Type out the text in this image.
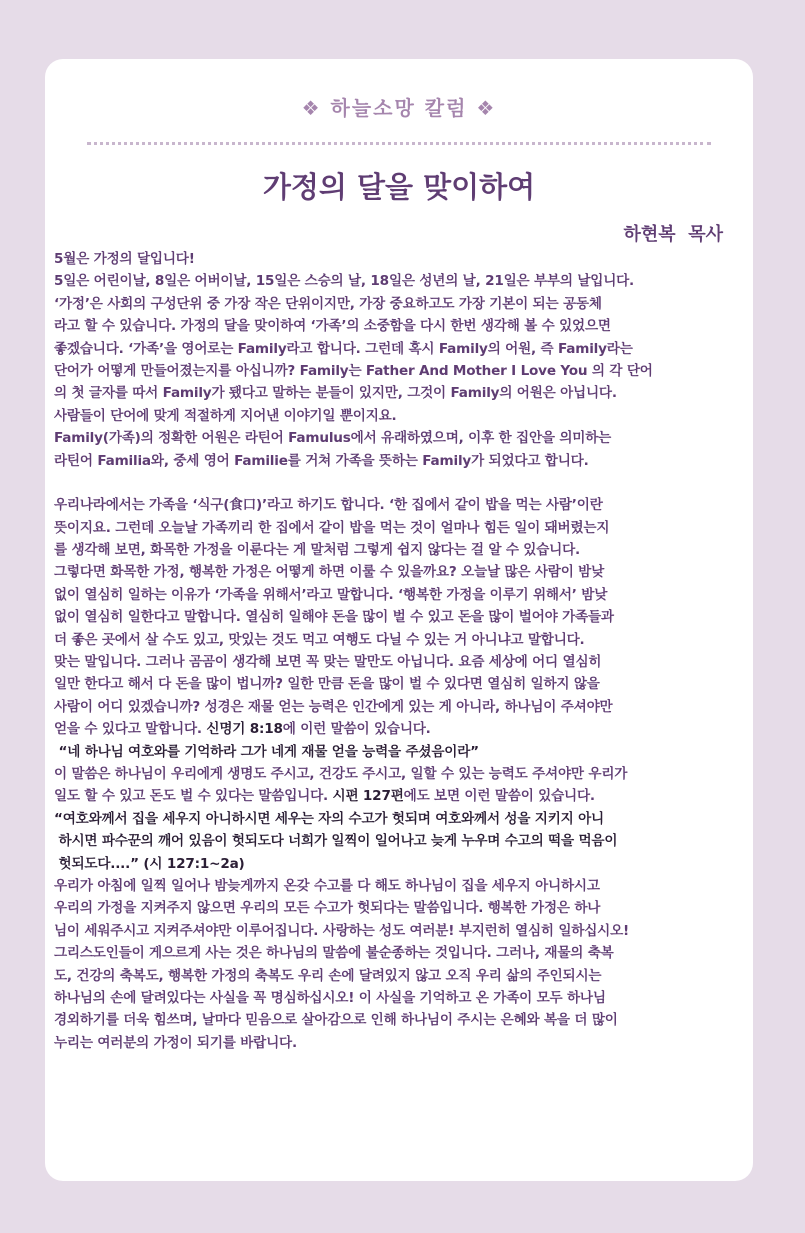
❖ 하늘소망 칼럼 ❖
가정의 달을 맞이하여
하현복  목사
5월은 가정의 달입니다!
5일은 어린이날, 8일은 어버이날, 15일은 스승의 날, 18일은 성년의 날, 21일은 부부의 날입니다.
‘가정’은 사회의 구성단위 중 가장 작은 단위이지만, 가장 중요하고도 가장 기본이 되는 공동체
라고 할 수 있습니다. 가정의 달을 맞이하여 ‘가족’의 소중함을 다시 한번 생각해 볼 수 있었으면
좋겠습니다. ‘가족’을 영어로는 Family라고 합니다. 그런데 혹시 Family의 어원, 즉 Family라는
단어가 어떻게 만들어졌는지를 아십니까? Family는 Father And Mother I Love You 의 각 단어
의 첫 글자를 따서 Family가 됐다고 말하는 분들이 있지만, 그것이 Family의 어원은 아닙니다.
사람들이 단어에 맞게 적절하게 지어낸 이야기일 뿐이지요.
Family(가족)의 정확한 어원은 라틴어 Famulus에서 유래하였으며, 이후 한 집안을 의미하는
라틴어 Familia와, 중세 영어 Familie를 거쳐 가족을 뜻하는 Family가 되었다고 합니다.
우리나라에서는 가족을 ‘식구(食口)’라고 하기도 합니다. ‘한 집에서 같이 밥을 먹는 사람’이란
뜻이지요. 그런데 오늘날 가족끼리 한 집에서 같이 밥을 먹는 것이 얼마나 힘든 일이 돼버렸는지
를 생각해 보면, 화목한 가정을 이룬다는 게 말처럼 그렇게 쉽지 않다는 걸 알 수 있습니다.
그렇다면 화목한 가정, 행복한 가정은 어떻게 하면 이룰 수 있을까요? 오늘날 많은 사람이 밤낮
없이 열심히 일하는 이유가 ‘가족을 위해서’라고 말합니다. ‘행복한 가정을 이루기 위해서’ 밤낮
없이 열심히 일한다고 말합니다. 열심히 일해야 돈을 많이 벌 수 있고 돈을 많이 벌어야 가족들과
더 좋은 곳에서 살 수도 있고, 맛있는 것도 먹고 여행도 다닐 수 있는 거 아니냐고 말합니다.
맞는 말입니다. 그러나 곰곰이 생각해 보면 꼭 맞는 말만도 아닙니다. 요즘 세상에 어디 열심히
일만 한다고 해서 다 돈을 많이 법니까? 일한 만큼 돈을 많이 벌 수 있다면 열심히 일하지 않을
사람이 어디 있겠습니까? 성경은 재물 얻는 능력은 인간에게 있는 게 아니라, 하나님이 주셔야만
얻을 수 있다고 말합니다. 신명기 8:18에 이런 말씀이 있습니다.
“네 하나님 여호와를 기억하라 그가 네게 재물 얻을 능력을 주셨음이라”
이 말씀은 하나님이 우리에게 생명도 주시고, 건강도 주시고, 일할 수 있는 능력도 주셔야만 우리가
일도 할 수 있고 돈도 벌 수 있다는 말씀입니다. 시편 127편에도 보면 이런 말씀이 있습니다.
“여호와께서 집을 세우지 아니하시면 세우는 자의 수고가 헛되며 여호와께서 성을 지키지 아니
하시면 파수꾼의 깨어 있음이 헛되도다 너희가 일찍이 일어나고 늦게 누우며 수고의 떡을 먹음이
헛되도다....” (시 127:1~2a)
우리가 아침에 일찍 일어나 밤늦게까지 온갖 수고를 다 해도 하나님이 집을 세우지 아니하시고
우리의 가정을 지켜주지 않으면 우리의 모든 수고가 헛되다는 말씀입니다. 행복한 가정은 하나
님이 세워주시고 지켜주셔야만 이루어집니다. 사랑하는 성도 여러분! 부지런히 열심히 일하십시오!
그리스도인들이 게으르게 사는 것은 하나님의 말씀에 불순종하는 것입니다. 그러나, 재물의 축복
도, 건강의 축복도, 행복한 가정의 축복도 우리 손에 달려있지 않고 오직 우리 삶의 주인되시는
하나님의 손에 달려있다는 사실을 꼭 명심하십시오! 이 사실을 기억하고 온 가족이 모두 하나님
경외하기를 더욱 힘쓰며, 날마다 믿음으로 살아감으로 인해 하나님이 주시는 은혜와 복을 더 많이
누리는 여러분의 가정이 되기를 바랍니다.
